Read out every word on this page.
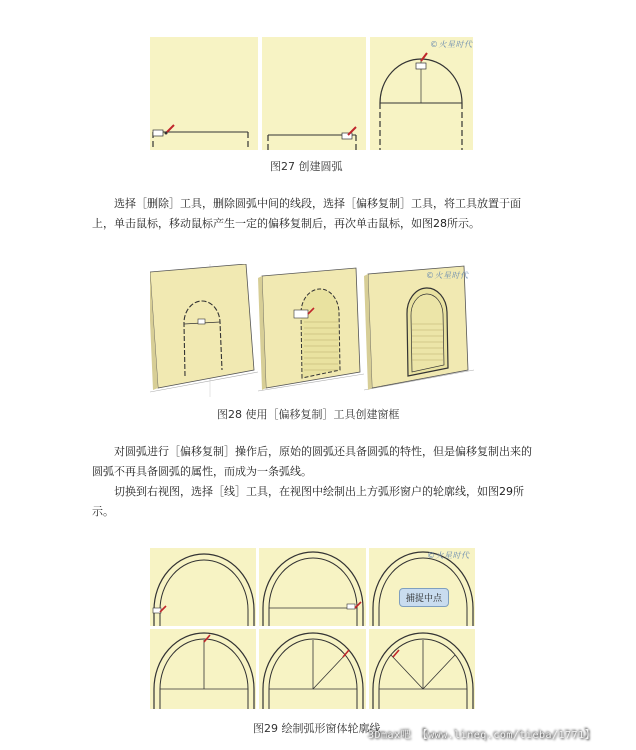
©火星时代
图27 创建圆弧

选择［删除］工具，删除圆弧中间的线段，选择［偏移复制］工具，将工具放置于面

上，单击鼠标，移动鼠标产生一定的偏移复制后，再次单击鼠标，如图28所示。

©火星时代
图28 使用［偏移复制］工具创建窗框

对圆弧进行［偏移复制］操作后，原始的圆弧还具备圆弧的特性，但是偏移复制出来的

圆弧不再具备圆弧的属性，而成为一条弧线。

切换到右视图，选择［线］工具，在视图中绘制出上方弧形窗户的轮廓线，如图29所

示。

捕捉中点
©火星时代
图29 绘制弧形窗体轮廓线
3Dmax吧 【www.lineq.com/tieba/1771】
